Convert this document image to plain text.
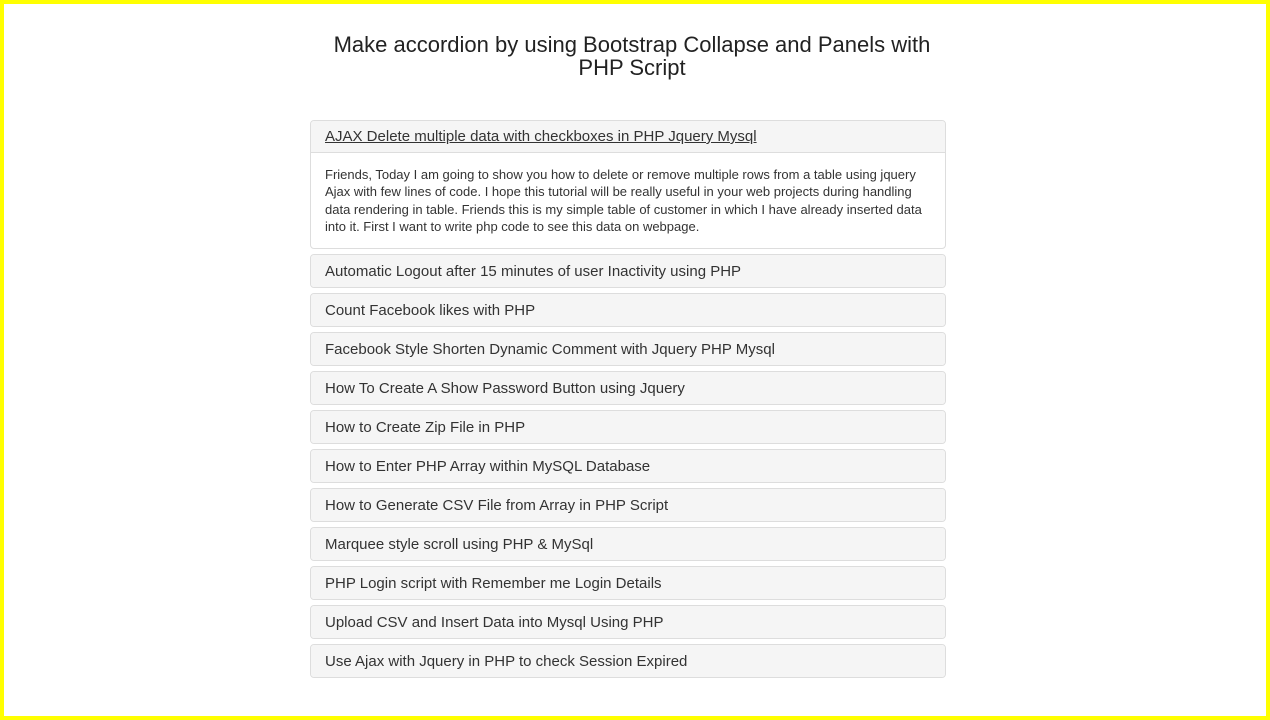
Make accordion by using Bootstrap Collapse and Panels with PHP Script
AJAX Delete multiple data with checkboxes in PHP Jquery Mysql
Friends, Today I am going to show you how to delete or remove multiple rows from a table using jquery Ajax with few lines of code. I hope this tutorial will be really useful in your web projects during handling data rendering in table. Friends this is my simple table of customer in which I have already inserted data into it. First I want to write php code to see this data on webpage.
Automatic Logout after 15 minutes of user Inactivity using PHP
Count Facebook likes with PHP
Facebook Style Shorten Dynamic Comment with Jquery PHP Mysql
How To Create A Show Password Button using Jquery
How to Create Zip File in PHP
How to Enter PHP Array within MySQL Database
How to Generate CSV File from Array in PHP Script
Marquee style scroll using PHP & MySql
PHP Login script with Remember me Login Details
Upload CSV and Insert Data into Mysql Using PHP
Use Ajax with Jquery in PHP to check Session Expired
